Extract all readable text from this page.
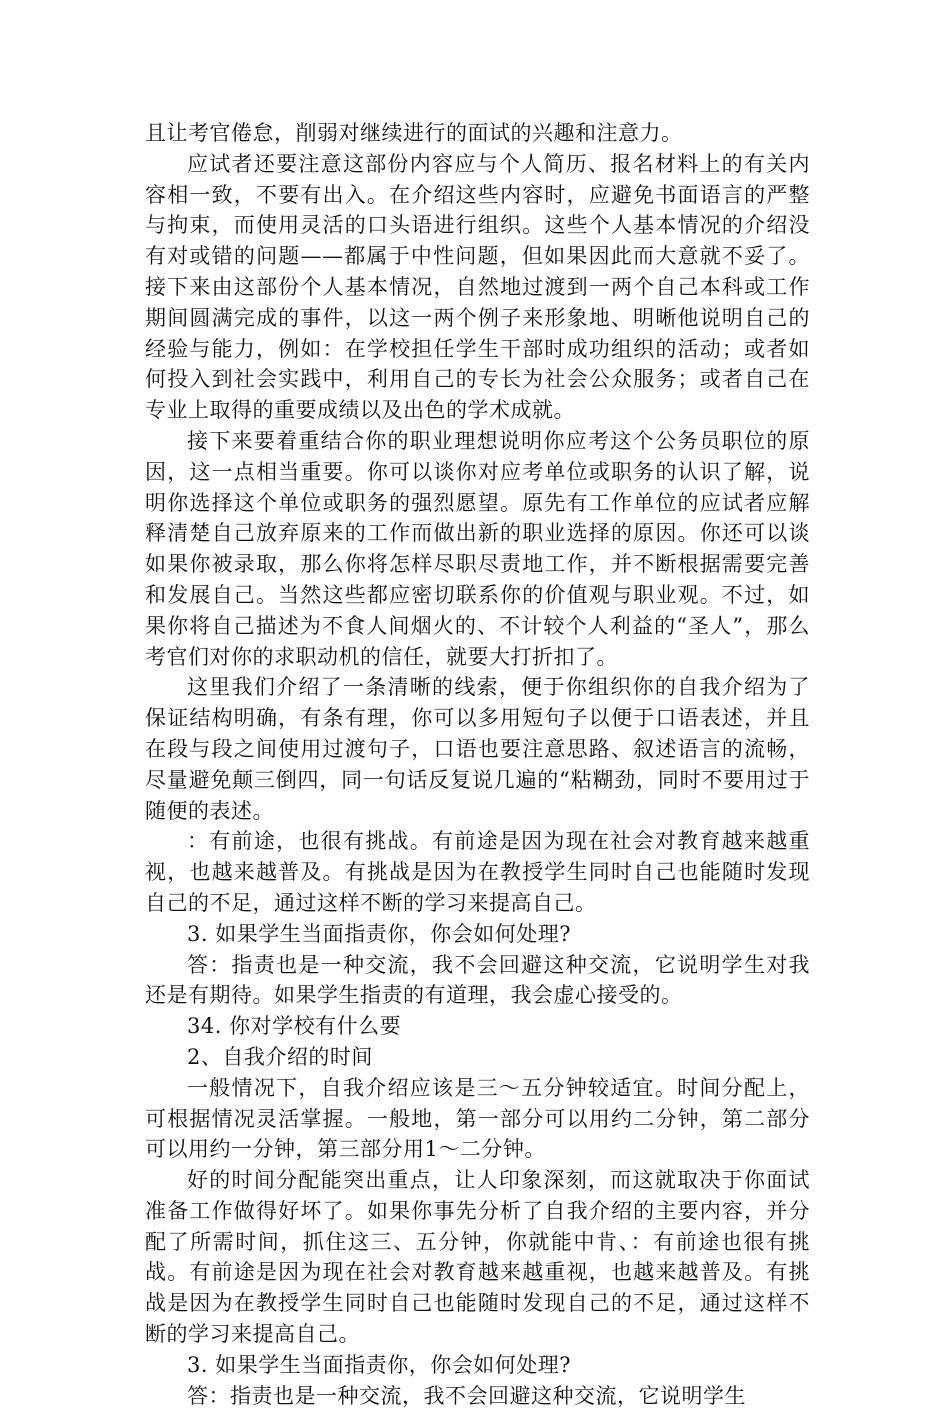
且让考官倦怠，削弱对继续进行的面试的兴趣和注意力。

应试者还要注意这部份内容应与个人简历、报名材料上的有关内容相一致，不要有出入。在介绍这些内容时，应避免书面语言的严整与拘束，而使用灵活的口头语进行组织。这些个人基本情况的介绍没有对或错的问题——都属于中性问题，但如果因此而大意就不妥了。接下来由这部份个人基本情况，自然地过渡到一两个自己本科或工作期间圆满完成的事件，以这一两个例子来形象地、明晰他说明自己的经验与能力，例如：在学校担任学生干部时成功组织的活动；或者如何投入到社会实践中，利用自己的专长为社会公众服务；或者自己在专业上取得的重要成绩以及出色的学术成就。

接下来要着重结合你的职业理想说明你应考这个公务员职位的原因，这一点相当重要。你可以谈你对应考单位或职务的认识了解，说明你选择这个单位或职务的强烈愿望。原先有工作单位的应试者应解释清楚自己放弃原来的工作而做出新的职业选择的原因。你还可以谈如果你被录取，那么你将怎样尽职尽责地工作，并不断根据需要完善和发展自己。当然这些都应密切联系你的价值观与职业观。不过，如果你将自己描述为不食人间烟火的、不计较个人利益的“圣人”，那么考官们对你的求职动机的信任，就要大打折扣了。

这里我们介绍了一条清晰的线索，便于你组织你的自我介绍为了保证结构明确，有条有理，你可以多用短句子以便于口语表述，并且在段与段之间使用过渡句子，口语也要注意思路、叙述语言的流畅，尽量避免颠三倒四，同一句话反复说几遍的“粘糊劲，同时不要用过于随便的表述。

：有前途，也很有挑战。有前途是因为现在社会对教育越来越重视，也越来越普及。有挑战是因为在教授学生同时自己也能随时发现自己的不足，通过这样不断的学习来提高自己。

3. 如果学生当面指责你，你会如何处理?

答：指责也是一种交流，我不会回避这种交流，它说明学生对我还是有期待。如果学生指责的有道理，我会虚心接受的。

34. 你对学校有什么要

2、自我介绍的时间

一般情况下，自我介绍应该是三～五分钟较适宜。时间分配上，可根据情况灵活掌握。一般地，第一部分可以用约二分钟，第二部分可以用约一分钟，第三部分用1～二分钟。

好的时间分配能突出重点，让人印象深刻，而这就取决于你面试准备工作做得好坏了。如果你事先分析了自我介绍的主要内容，并分配了所需时间，抓住这三、五分钟，你就能中肯、：有前途也很有挑战。有前途是因为现在社会对教育越来越重视，也越来越普及。有挑战是因为在教授学生同时自己也能随时发现自己的不足，通过这样不断的学习来提高自己。

3. 如果学生当面指责你，你会如何处理?

答：指责也是一种交流，我不会回避这种交流，它说明学生
